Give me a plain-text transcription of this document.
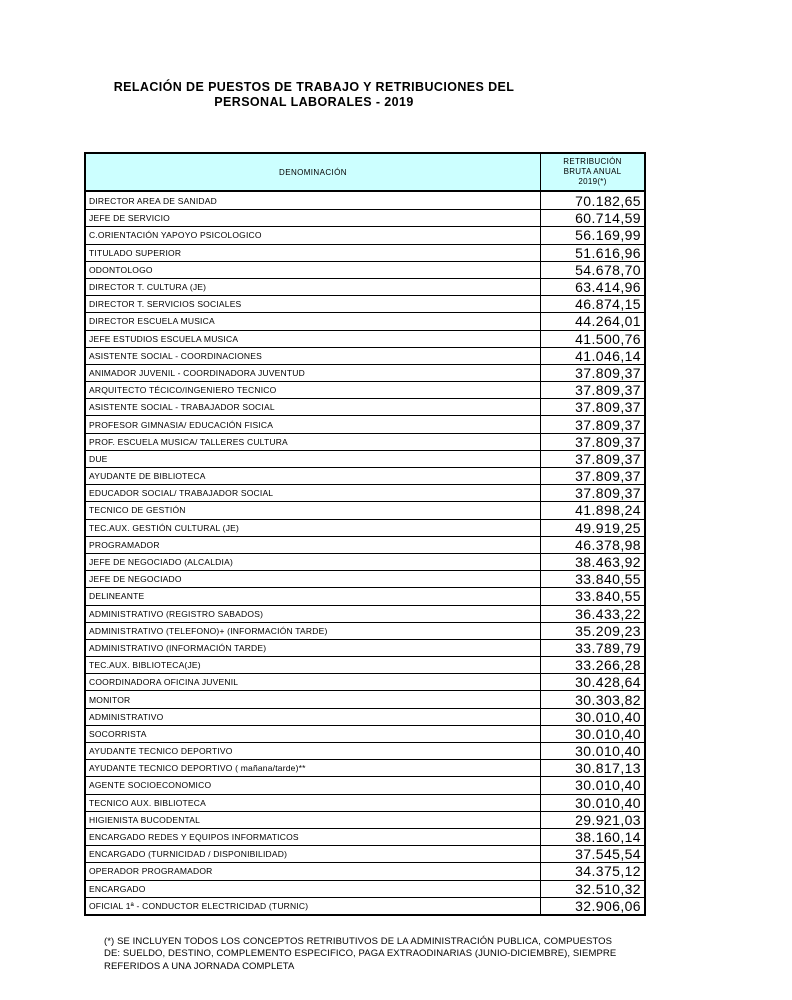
RELACIÓN DE PUESTOS DE TRABAJO Y RETRIBUCIONES DEL
PERSONAL LABORALES - 2019
DENOMINACIÓN
RETRIBUCIÓN
BRUTA ANUAL
2019(*)
DIRECTOR AREA DE SANIDAD	70.182,65
JEFE DE SERVICIO	60.714,59
C.ORIENTACIÓN YAPOYO PSICOLOGICO	56.169,99
TITULADO SUPERIOR	51.616,96
ODONTOLOGO	54.678,70
DIRECTOR T. CULTURA (JE)	63.414,96
DIRECTOR T. SERVICIOS SOCIALES	46.874,15
DIRECTOR ESCUELA MUSICA	44.264,01
JEFE ESTUDIOS ESCUELA MUSICA	41.500,76
ASISTENTE SOCIAL - COORDINACIONES	41.046,14
ANIMADOR JUVENIL - COORDINADORA JUVENTUD	37.809,37
ARQUITECTO TÉCICO/INGENIERO TECNICO	37.809,37
ASISTENTE SOCIAL - TRABAJADOR SOCIAL	37.809,37
PROFESOR GIMNASIA/ EDUCACIÓN FISICA	37.809,37
PROF. ESCUELA MUSICA/ TALLERES CULTURA	37.809,37
DUE	37.809,37
AYUDANTE DE BIBLIOTECA	37.809,37
EDUCADOR SOCIAL/ TRABAJADOR SOCIAL	37.809,37
TECNICO DE GESTIÓN	41.898,24
TEC.AUX. GESTIÓN CULTURAL (JE)	49.919,25
PROGRAMADOR	46.378,98
JEFE DE NEGOCIADO (ALCALDIA)	38.463,92
JEFE DE NEGOCIADO	33.840,55
DELINEANTE	33.840,55
ADMINISTRATIVO (REGISTRO SABADOS)	36.433,22
ADMINISTRATIVO (TELEFONO)+ (INFORMACIÓN TARDE)	35.209,23
ADMINISTRATIVO (INFORMACIÓN TARDE)	33.789,79
TEC.AUX. BIBLIOTECA(JE)	33.266,28
COORDINADORA OFICINA JUVENIL	30.428,64
MONITOR	30.303,82
ADMINISTRATIVO	30.010,40
SOCORRISTA	30.010,40
AYUDANTE TECNICO DEPORTIVO	30.010,40
AYUDANTE TECNICO DEPORTIVO ( mañana/tarde)**	30.817,13
AGENTE SOCIOECONOMICO	30.010,40
TECNICO AUX. BIBLIOTECA	30.010,40
HIGIENISTA BUCODENTAL	29.921,03
ENCARGADO REDES Y EQUIPOS INFORMATICOS	38.160,14
ENCARGADO (TURNICIDAD / DISPONIBILIDAD)	37.545,54
OPERADOR PROGRAMADOR	34.375,12
ENCARGADO	32.510,32
OFICIAL 1ª - CONDUCTOR ELECTRICIDAD (TURNIC)	32.906,06
(*) SE INCLUYEN TODOS LOS CONCEPTOS RETRIBUTIVOS DE LA ADMINISTRACIÓN PUBLICA, COMPUESTOS
DE: SUELDO, DESTINO, COMPLEMENTO ESPECIFICO, PAGA EXTRAODINARIAS (JUNIO-DICIEMBRE), SIEMPRE
REFERIDOS A UNA JORNADA COMPLETA
